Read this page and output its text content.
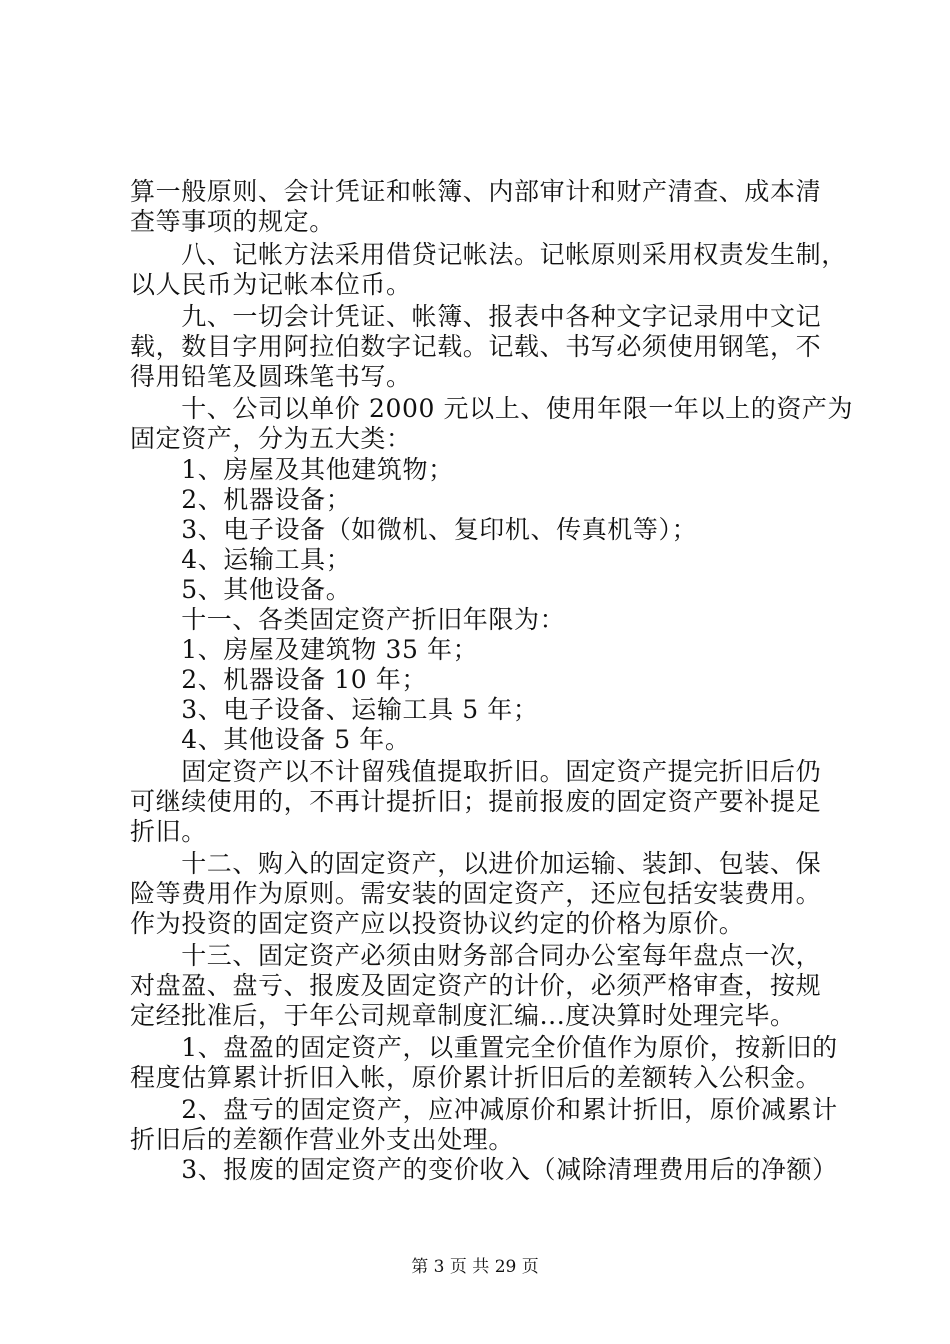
算一般原则、会计凭证和帐簿、内部审计和财产清查、成本清
查等事项的规定。
　　八、记帐方法采用借贷记帐法。记帐原则采用权责发生制，
以人民币为记帐本位币。
　　九、一切会计凭证、帐簿、报表中各种文字记录用中文记
载，数目字用阿拉伯数字记载。记载、书写必须使用钢笔，不
得用铅笔及圆珠笔书写。
　　十、公司以单价 2000 元以上、使用年限一年以上的资产为
固定资产，分为五大类：
　　1、房屋及其他建筑物；
　　2、机器设备；
　　3、电子设备（如微机、复印机、传真机等）；
　　4、运输工具；
　　5、其他设备。
　　十一、各类固定资产折旧年限为：
　　1、房屋及建筑物 35 年；
　　2、机器设备 10 年；
　　3、电子设备、运输工具 5 年；
　　4、其他设备 5 年。
　　固定资产以不计留残值提取折旧。固定资产提完折旧后仍
可继续使用的，不再计提折旧；提前报废的固定资产要补提足
折旧。
　　十二、购入的固定资产，以进价加运输、装卸、包装、保
险等费用作为原则。需安装的固定资产，还应包括安装费用。
作为投资的固定资产应以投资协议约定的价格为原价。
　　十三、固定资产必须由财务部合同办公室每年盘点一次，
对盘盈、盘亏、报废及固定资产的计价，必须严格审查，按规
定经批准后，于年公司规章制度汇编...度决算时处理完毕。
　　1、盘盈的固定资产，以重置完全价值作为原价，按新旧的
程度估算累计折旧入帐，原价累计折旧后的差额转入公积金。
　　2、盘亏的固定资产，应冲减原价和累计折旧，原价减累计
折旧后的差额作营业外支出处理。
　　3、报废的固定资产的变价收入（减除清理费用后的净额）
第 3 页 共 29 页
